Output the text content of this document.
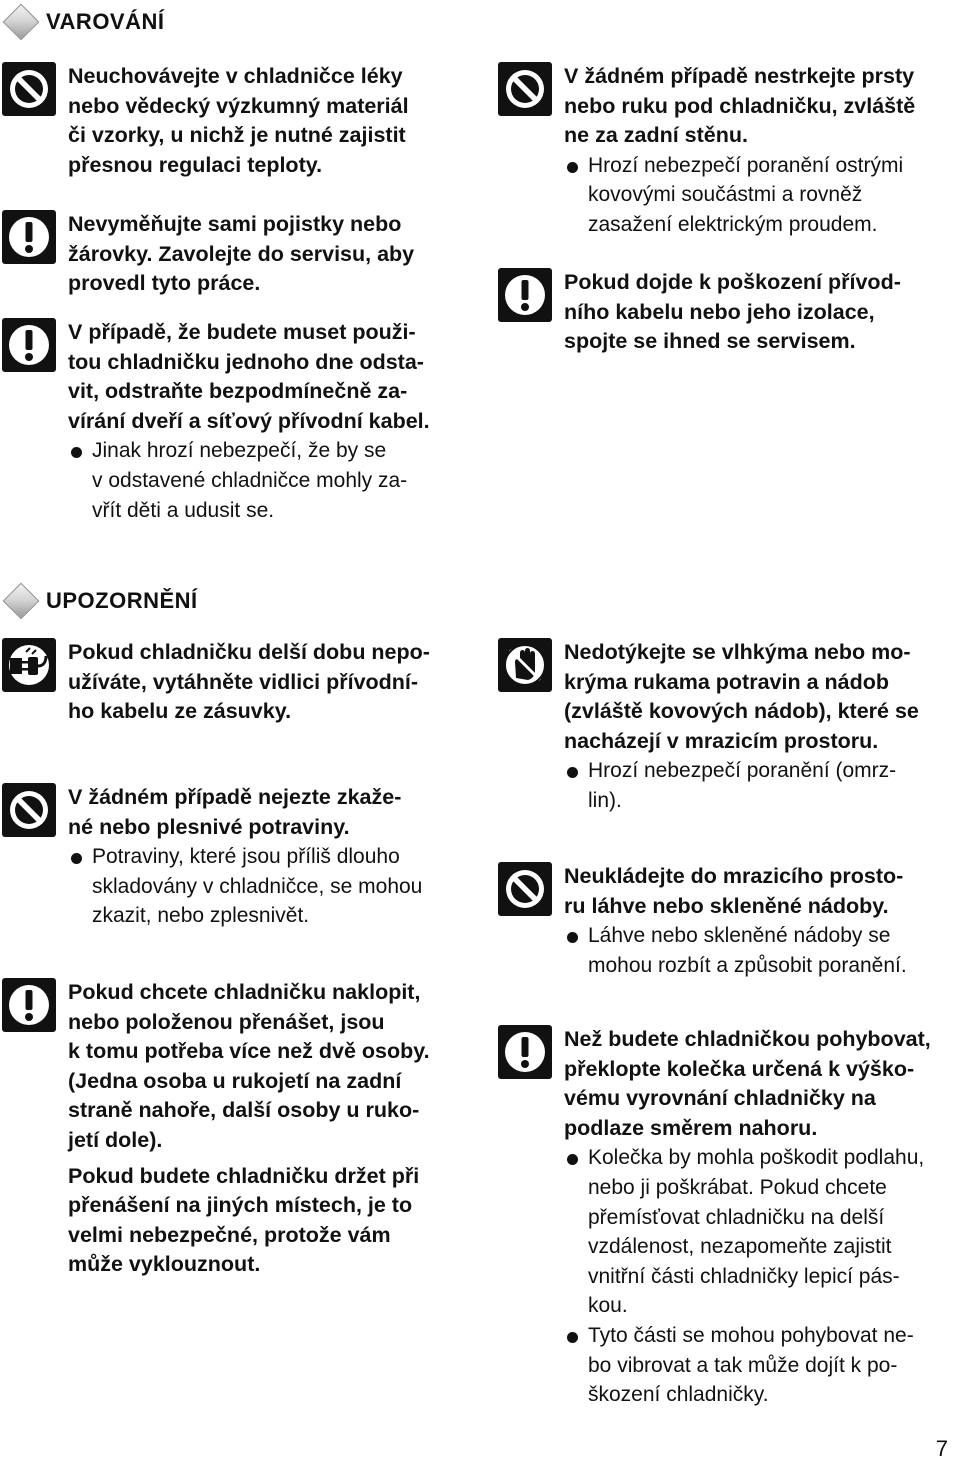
VAROVÁNÍ

Neuchovávejte v chladničce léky
nebo vědecký výzkumný materiál
či vzorky, u nichž je nutné zajistit
přesnou regulaci teploty.

Nevyměňujte sami pojistky nebo
žárovky. Zavolejte do servisu, aby
provedl tyto práce.

V případě, že budete muset použi-
tou chladničku jednoho dne odsta-
vit, odstraňte bezpodmínečně za-
vírání dveří a síťový přívodní kabel.

Jinak hrozí nebezpečí, že by se
v odstavené chladničce mohly za-
vřít děti a udusit se.

V žádném případě nestrkejte prsty
nebo ruku pod chladničku, zvláště
ne za zadní stěnu.

Hrozí nebezpečí poranění ostrými
kovovými součástmi a rovněž
zasažení elektrickým proudem.

Pokud dojde k poškození přívod-
ního kabelu nebo jeho izolace,
spojte se ihned se servisem.

UPOZORNĚNÍ

Pokud chladničku delší dobu nepo-
užíváte, vytáhněte vidlici přívodní-
ho kabelu ze zásuvky.

V žádném případě nejezte zkaže-
né nebo plesnivé potraviny.

Potraviny, které jsou příliš dlouho
skladovány v chladničce, se mohou
zkazit, nebo zplesnivět.

Pokud chcete chladničku naklopit,
nebo položenou přenášet, jsou
k tomu potřeba více než dvě osoby.
(Jedna osoba u rukojetí na zadní
straně nahoře, další osoby u ruko-
jetí dole).

Pokud budete chladničku držet při
přenášení na jiných místech, je to
velmi nebezpečné, protože vám
může vyklouznout.

Nedotýkejte se vlhkýma nebo mo-
krýma rukama potravin a nádob
(zvláště kovových nádob), které se
nacházejí v mrazicím prostoru.

Hrozí nebezpečí poranění (omrz-
lin).

Neukládejte do mrazicího prosto-
ru láhve nebo skleněné nádoby.

Láhve nebo skleněné nádoby se
mohou rozbít a způsobit poranění.

Než budete chladničkou pohybovat,
překlopte kolečka určená k výško-
vému vyrovnání chladničky na
podlaze směrem nahoru.

Kolečka by mohla poškodit podlahu,
nebo ji poškrábat. Pokud chcete
přemísťovat chladničku na delší
vzdálenost, nezapomeňte zajistit
vnitřní části chladničky lepicí pás-
kou.

Tyto části se mohou pohybovat ne-
bo vibrovat a tak může dojít k po-
škození chladničky.

7
